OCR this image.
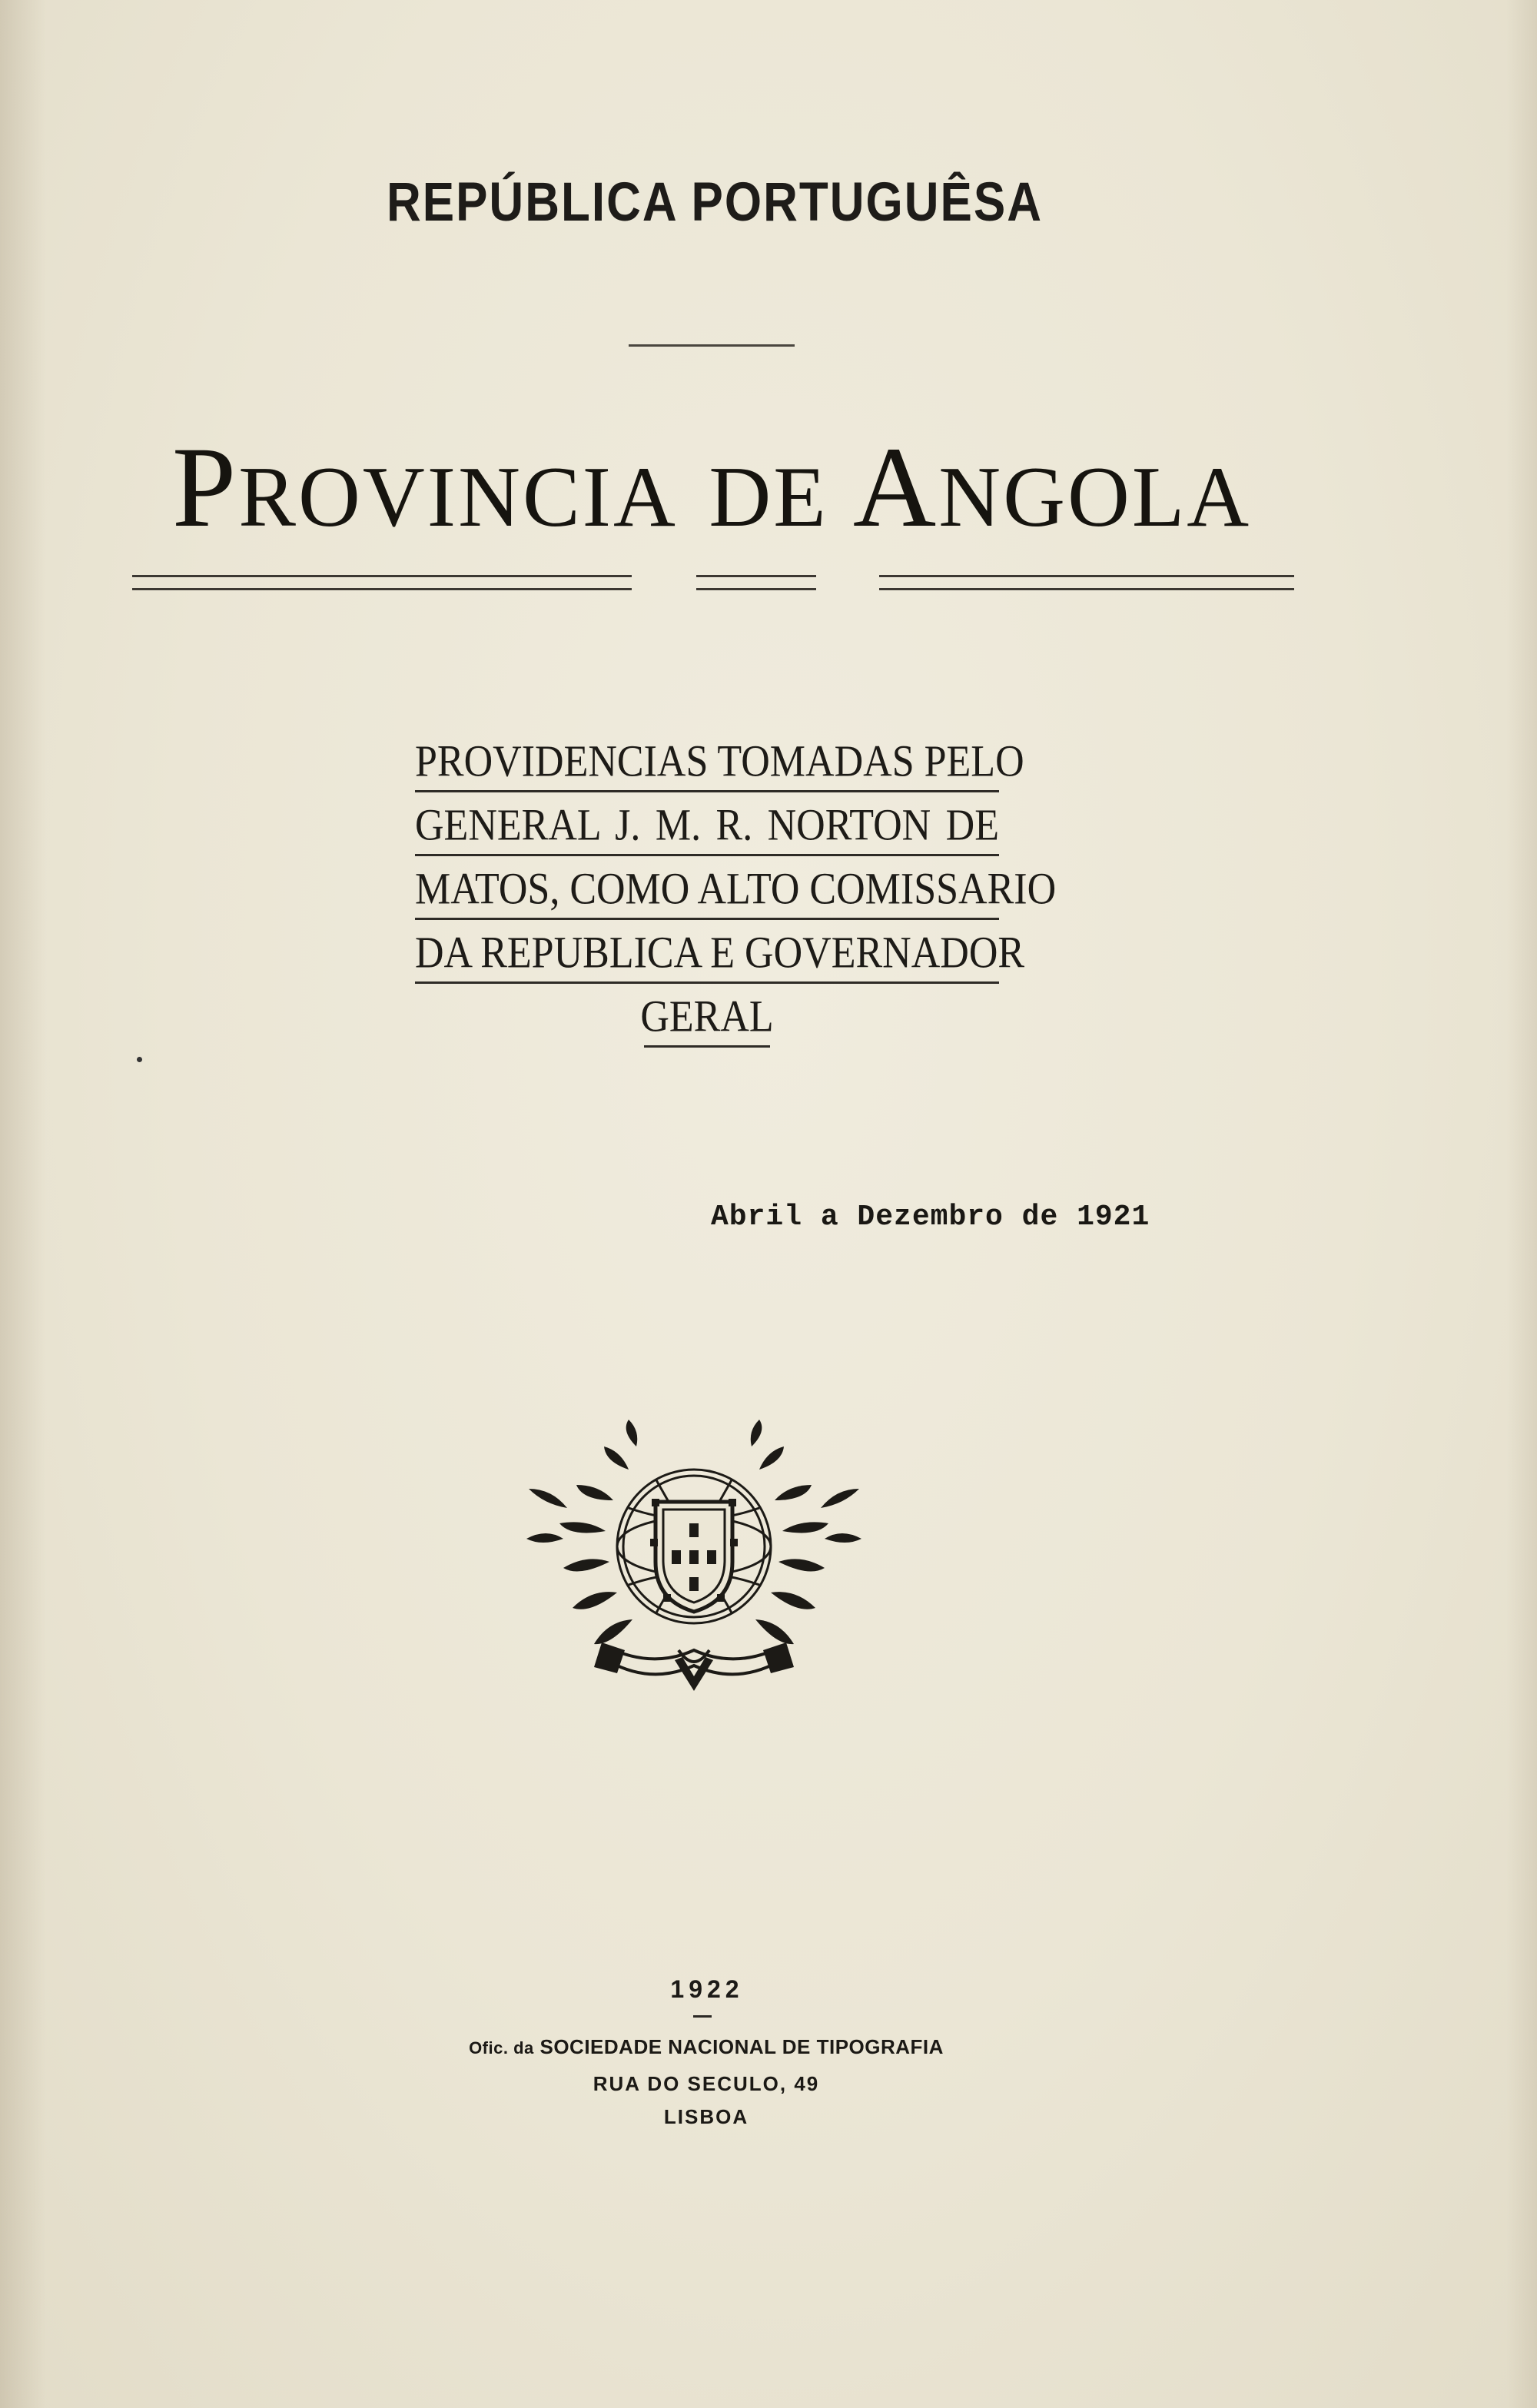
REPÚBLICA PORTUGUÊSA
PROVINCIA DE ANGOLA
PROVIDENCIAS TOMADAS PELO
GENERAL J. M. R. NORTON DE
MATOS, COMO ALTO COMISSARIO
DA REPUBLICA E GOVERNADOR
GERAL
Abril a Dezembro de 1921
1922
Ofic. da SOCIEDADE NACIONAL DE TIPOGRAFIA
RUA DO SECULO, 49
LISBOA
